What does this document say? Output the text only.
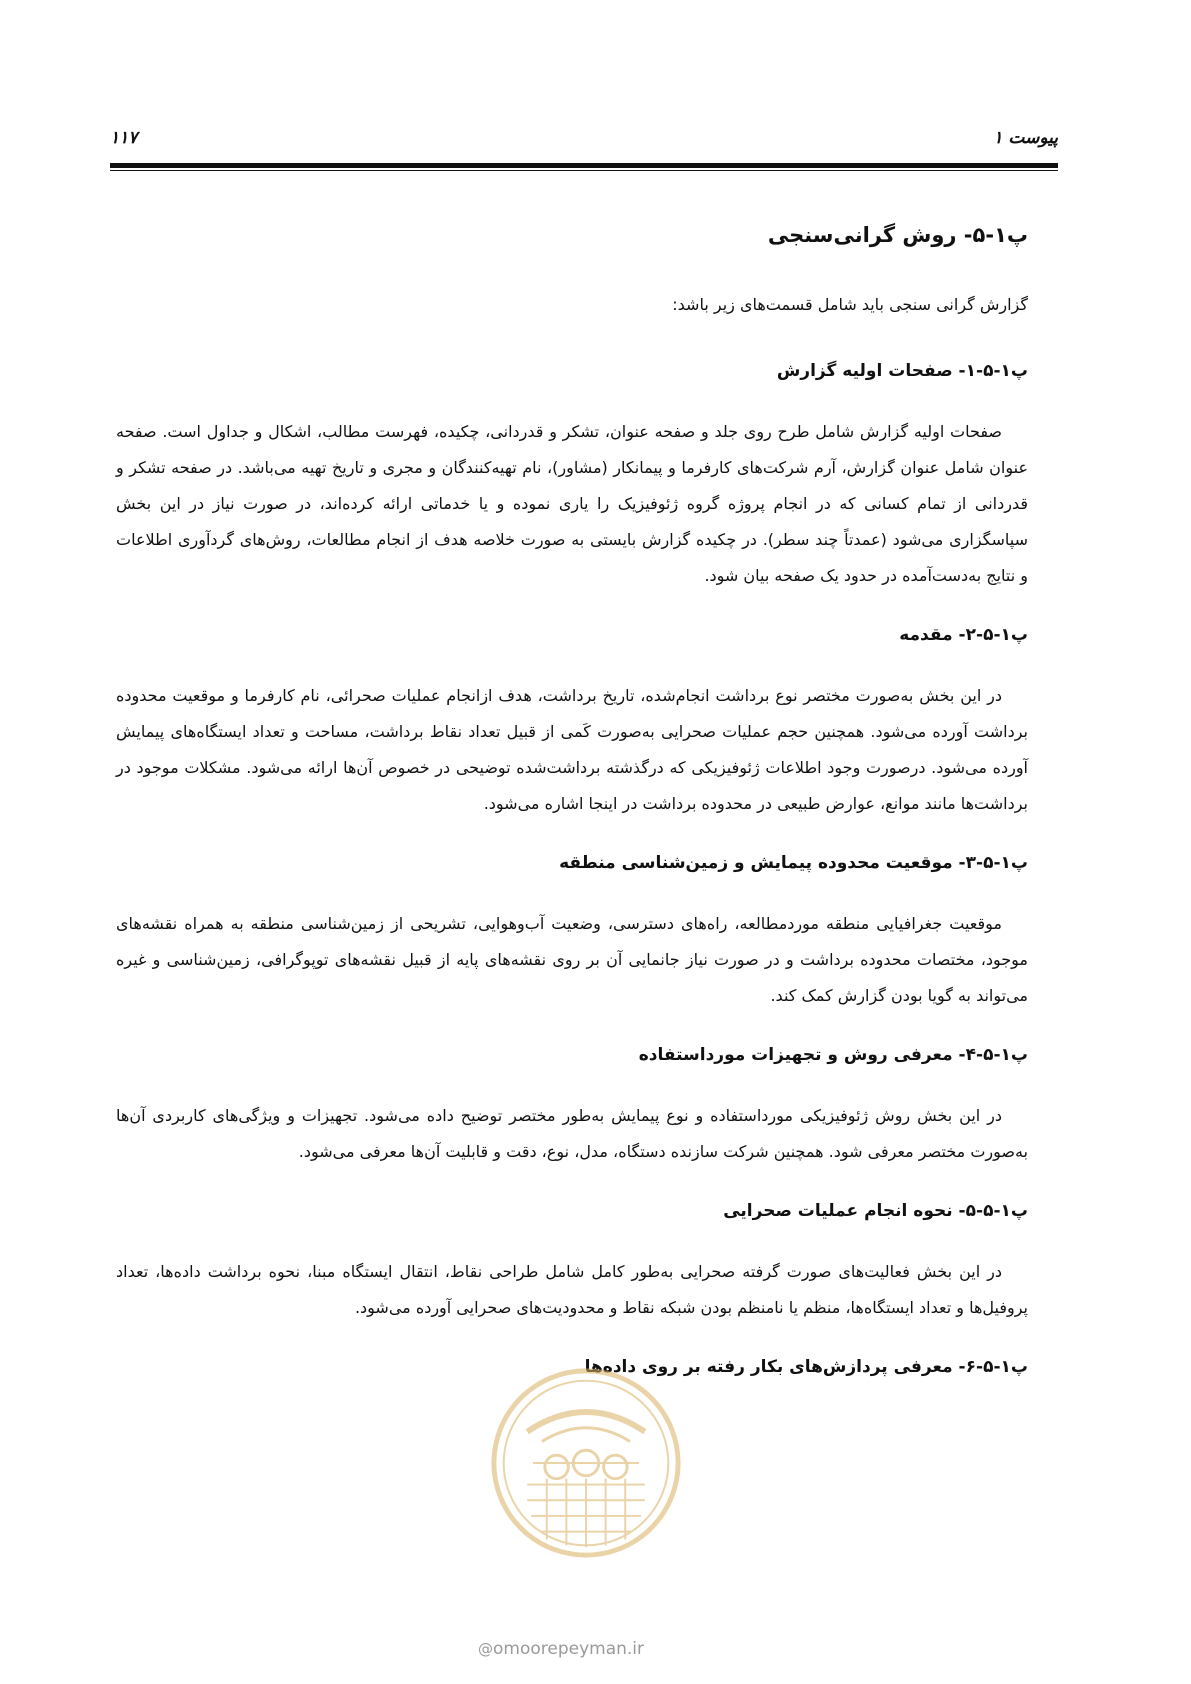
پیوست ۱
۱۱۷
پ۱-۵- روش گرانی‌سنجی
گزارش گرانی سنجی باید شامل قسمت‌های زیر باشد:
پ۱-۵-۱- صفحات اولیه گزارش

صفحات اولیه گزارش شامل طرح روی جلد و صفحه عنوان، تشکر و قدردانی، چکیده، فهرست مطالب، اشکال و جداول است. صفحه عنوان شامل عنوان گزارش، آرم شرکت‌های کارفرما و پیمانکار (مشاور)، نام تهیه‌کنندگان و مجری و تاریخ تهیه می‌باشد. در صفحه تشکر و قدردانی از تمام کسانی که در انجام پروژه گروه ژئوفیزیک را یاری نموده و یا خدماتی ارائه کرده‌اند، در صورت نیاز در این بخش سپاسگزاری می‌شود (عمدتاً چند سطر). در چکیده گزارش بایستی به صورت خلاصه هدف از انجام مطالعات، روش‌های گردآوری اطلاعات و نتایج به‌دست‌آمده در حدود یک صفحه بیان شود.

پ۱-۵-۲- مقدمه

در این بخش به‌صورت مختصر نوع برداشت انجام‌شده، تاریخ برداشت، هدف ازانجام عملیات صحرائی، نام کارفرما و موقعیت محدوده برداشت آورده می‌شود. همچنین حجم عملیات صحرایی به‌صورت کَمی از قبیل تعداد نقاط برداشت، مساحت و تعداد ایستگاه‌های پیمایش آورده می‌شود. درصورت وجود اطلاعات ژئوفیزیکی که درگذشته برداشت‌شده توضیحی در خصوص آن‌ها ارائه می‌شود. مشکلات موجود در برداشت‌ها مانند موانع، عوارض طبیعی در محدوده برداشت در اینجا اشاره می‌شود.

پ۱-۵-۳- موقعیت محدوده پیمایش و زمین‌شناسی منطقه

موقعیت جغرافیایی منطقه موردمطالعه، راه‌های دسترسی، وضعیت آب‌وهوایی، تشریحی از زمین‌شناسی منطقه به همراه نقشه‌های موجود، مختصات محدوده برداشت و در صورت نیاز جانمایی آن بر روی نقشه‌های پایه از قبیل نقشه‌های توپوگرافی، زمین‌شناسی و غیره می‌تواند به گویا بودن گزارش کمک کند.

پ۱-۵-۴- معرفی روش و تجهیزات مورداستفاده

در این بخش روش ژئوفیزیکی مورداستفاده و نوع پیمایش به‌طور مختصر توضیح داده می‌شود. تجهیزات و ویژگی‌های کاربردی آن‌ها به‌صورت مختصر معرفی شود. همچنین شرکت سازنده دستگاه، مدل، نوع، دقت و قابلیت آن‌ها معرفی می‌شود.

پ۱-۵-۵- نحوه انجام عملیات صحرایی

در این بخش فعالیت‌های صورت گرفته صحرایی به‌طور کامل شامل طراحی نقاط، انتقال ایستگاه مبنا، نحوه برداشت داده‌ها، تعداد پروفیل‌ها و تعداد ایستگاه‌ها، منظم یا نامنظم بودن شبکه نقاط و محدودیت‌های صحرایی آورده می‌شود.

پ۱-۵-۶- معرفی پردازش‌های بکار رفته بر روی داده‌ها
@omoorepeyman.ir
